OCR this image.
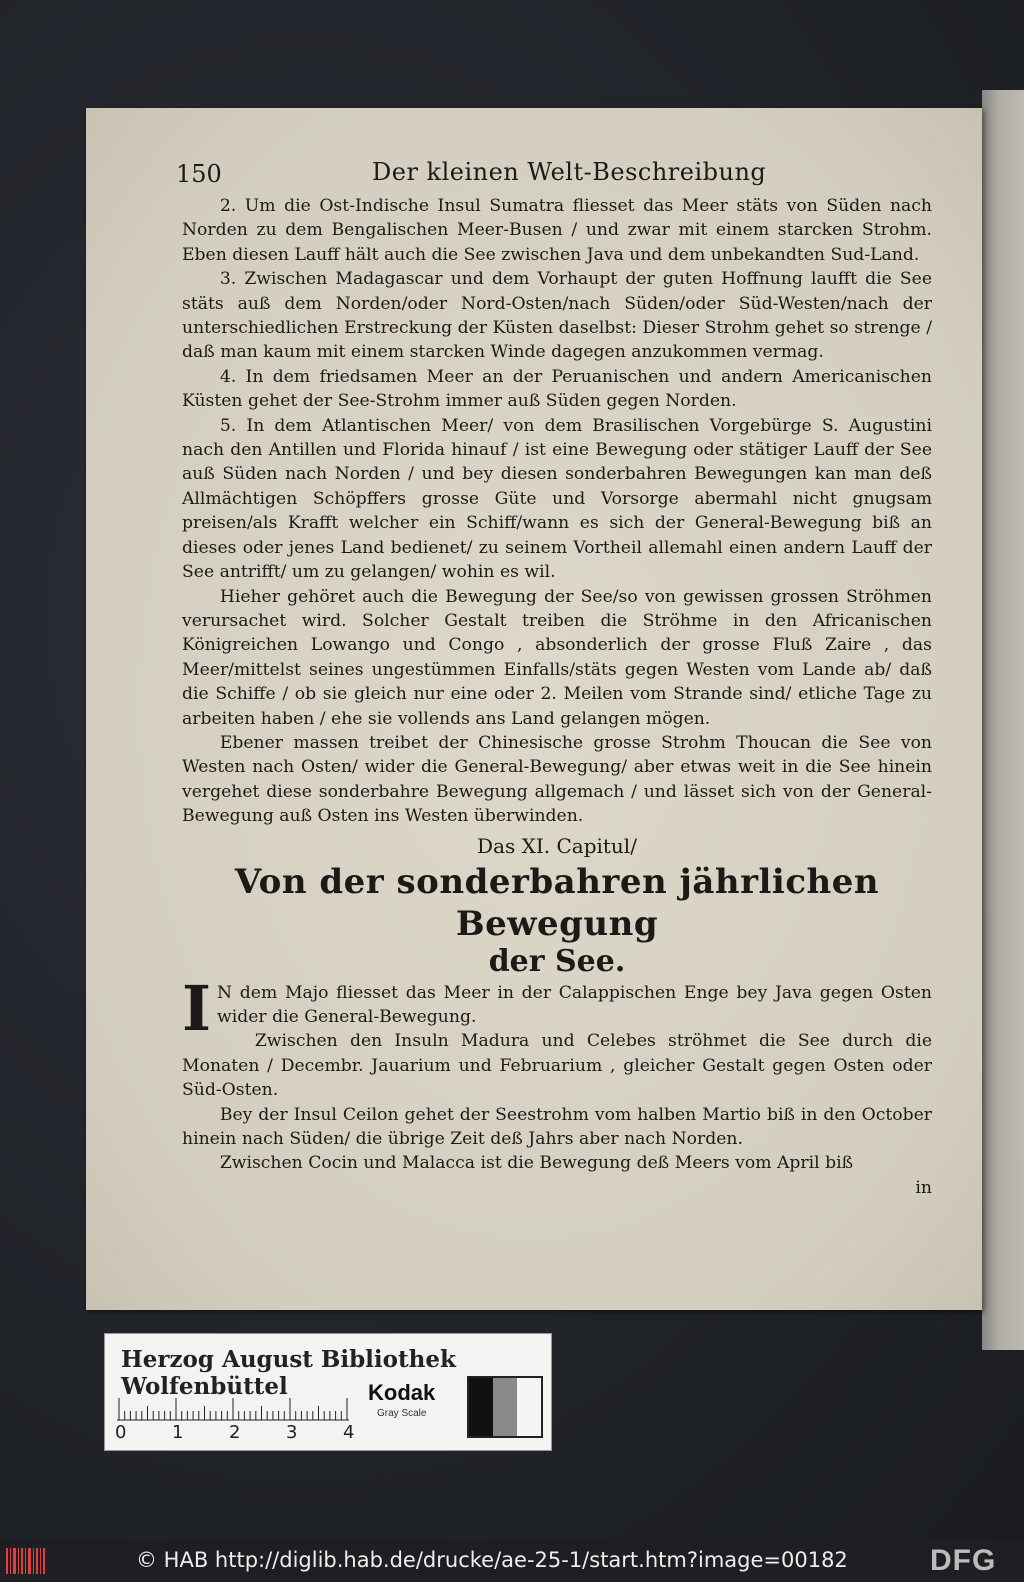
150	Der kleinen Welt-Beschreibung

2. Um die Ost-Indische Insul Sumatra fliesset das Meer stäts von Süden nach Norden zu dem Bengalischen Meer-Busen / und zwar mit einem starcken Strohm. Eben diesen Lauff hält auch die See zwischen Java und dem unbekandten Sud-Land.

3. Zwischen Madagascar und dem Vorhaupt der guten Hoffnung laufft die See stäts auß dem Norden/oder Nord-Osten/nach Süden/oder Süd-Westen/nach der unterschiedlichen Erstreckung der Küsten daselbst: Dieser Strohm gehet so strenge / daß man kaum mit einem starcken Winde dagegen anzukommen vermag.

4. In dem friedsamen Meer an der Peruanischen und andern Americanischen Küsten gehet der See-Strohm immer auß Süden gegen Norden.

5. In dem Atlantischen Meer/ von dem Brasilischen Vorgebürge S. Augustini nach den Antillen und Florida hinauf / ist eine Bewegung oder stätiger Lauff der See auß Süden nach Norden / und bey diesen sonderbahren Bewegungen kan man deß Allmächtigen Schöpffers grosse Güte und Vorsorge abermahl nicht gnugsam preisen/als Krafft welcher ein Schiff/wann es sich der General-Bewegung biß an dieses oder jenes Land bedienet/ zu seinem Vortheil allemahl einen andern Lauff der See antrifft/ um zu gelangen/ wohin es wil.

Hieher gehöret auch die Bewegung der See/so von gewissen grossen Ströhmen verursachet wird. Solcher Gestalt treiben die Ströhme in den Africanischen Königreichen Lowango und Congo , absonderlich der grosse Fluß Zaire , das Meer/mittelst seines ungestümmen Einfalls/stäts gegen Westen vom Lande ab/ daß die Schiffe / ob sie gleich nur eine oder 2. Meilen vom Strande sind/ etliche Tage zu arbeiten haben / ehe sie vollends ans Land gelangen mögen.

Ebener massen treibet der Chinesische grosse Strohm Thoucan die See von Westen nach Osten/ wider die General-Bewegung/ aber etwas weit in die See hinein vergehet diese sonderbahre Bewegung allgemach / und lässet sich von der General-Bewegung auß Osten ins Westen überwinden.

Das XI. Capitul/
Von der sonderbahren jährlichen Bewegung
der See.

I N dem Majo fliesset das Meer in der Calappischen Enge bey Java gegen Osten wider die General-Bewegung.

Zwischen den Insuln Madura und Celebes ströhmet die See durch die Monaten / Decembr. Jauarium und Februarium , gleicher Gestalt gegen Osten oder Süd-Osten.

Bey der Insul Ceilon gehet der Seestrohm vom halben Martio biß in den October hinein nach Süden/ die übrige Zeit deß Jahrs aber nach Norden.

Zwischen Cocin und Malacca ist die Bewegung deß Meers vom April biß

in

Herzog August Bibliothek Wolfenbüttel
0	1	2	3	4
Kodak
Gray Scale
© HAB http://diglib.hab.de/drucke/ae-25-1/start.htm?image=00182	DFG
